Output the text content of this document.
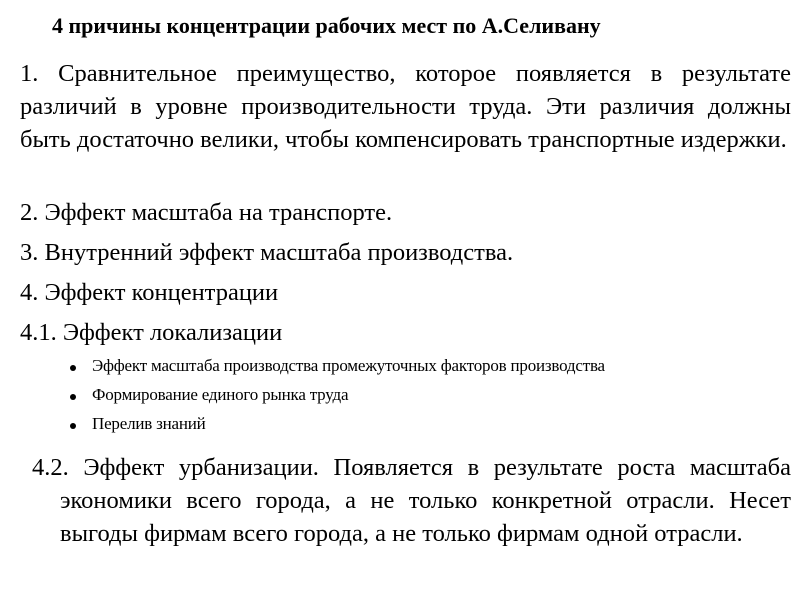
4 причины концентрации рабочих мест по А.Селивану
1. Сравнительное преимущество, которое появляется в результате различий в уровне производительности труда. Эти различия должны быть достаточно велики, чтобы компенсировать транспортные издержки.
2. Эффект масштаба на транспорте.
3. Внутренний эффект масштаба производства.
4. Эффект концентрации
4.1. Эффект локализации
Эффект масштаба производства промежуточных факторов производства
Формирование единого рынка труда
Перелив знаний
4.2. Эффект урбанизации. Появляется в результате роста масштаба экономики всего города, а не только конкретной отрасли. Несет выгоды фирмам всего города, а не только фирмам одной отрасли.
